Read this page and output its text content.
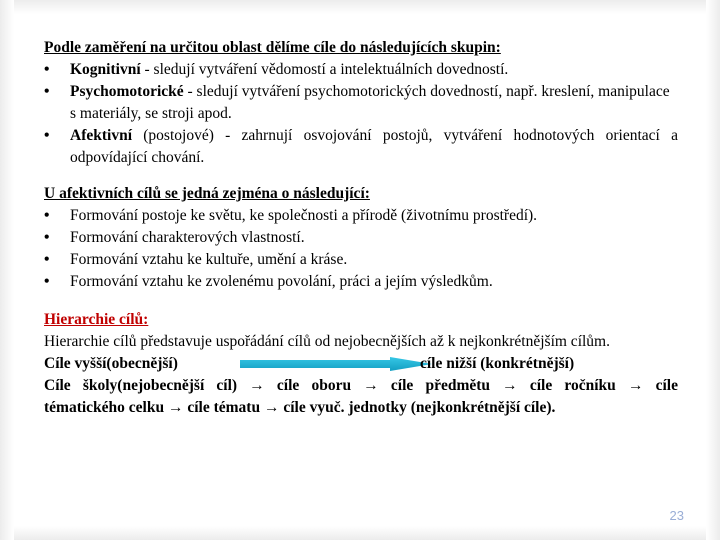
Podle zaměření na určitou oblast dělíme cíle do následujících skupin:
• Kognitivní - sledují vytváření vědomostí a intelektuálních dovedností.
• Psychomotorické - sledují vytváření psychomotorických dovedností, např. kreslení, manipulace s materiály, se stroji apod.
• Afektivní (postojové) - zahrnují osvojování postojů, vytváření hodnotových orientací a odpovídající chování.
U afektivních cílů se jedná zejména o následující:
• Formování postoje ke světu, ke společnosti a přírodě (životnímu prostředí).
• Formování charakterových vlastností.
• Formování vztahu ke kultuře, umění a kráse.
• Formování vztahu ke zvolenému povolání, práci a jejím výsledkům.
Hierarchie cílů:
Hierarchie cílů představuje uspořádání cílů od nejobecnějších až k nejkonkrétnějším cílům.
Cíle vyšší(obecnější)	cíle nižší (konkrétnější)
Cíle školy(nejobecnější cíl) → cíle oboru → cíle předmětu → cíle ročníku → cíle
tématického celku → cíle tématu → cíle vyuč. jednotky (nejkonkrétnější cíle).
23
